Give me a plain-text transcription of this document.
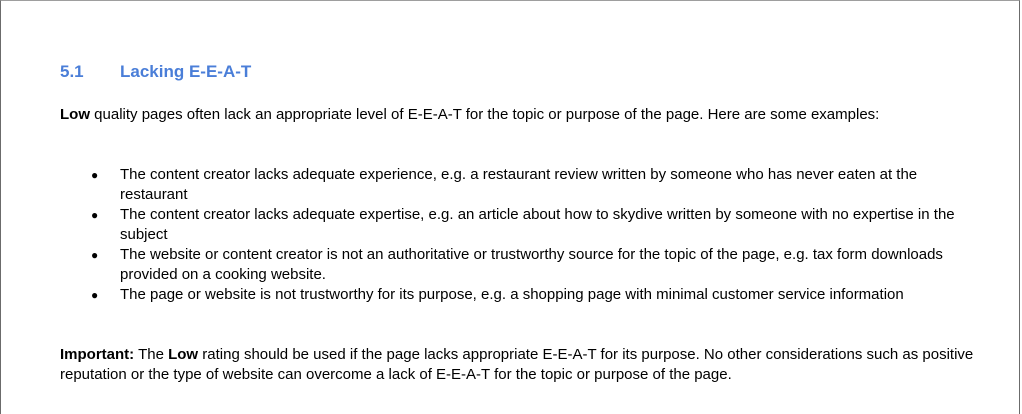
5.1 Lacking E-E-A-T
Low quality pages often lack an appropriate level of E-E-A-T for the topic or purpose of the page. Here are some examples:
● The content creator lacks adequate experience, e.g. a restaurant review written by someone who has never eaten at the restaurant
● The content creator lacks adequate expertise, e.g. an article about how to skydive written by someone with no expertise in the subject
● The website or content creator is not an authoritative or trustworthy source for the topic of the page, e.g. tax form downloads provided on a cooking website.
● The page or website is not trustworthy for its purpose, e.g. a shopping page with minimal customer service information
Important: The Low rating should be used if the page lacks appropriate E-E-A-T for its purpose. No other considerations such as positive reputation or the type of website can overcome a lack of E-E-A-T for the topic or purpose of the page.
